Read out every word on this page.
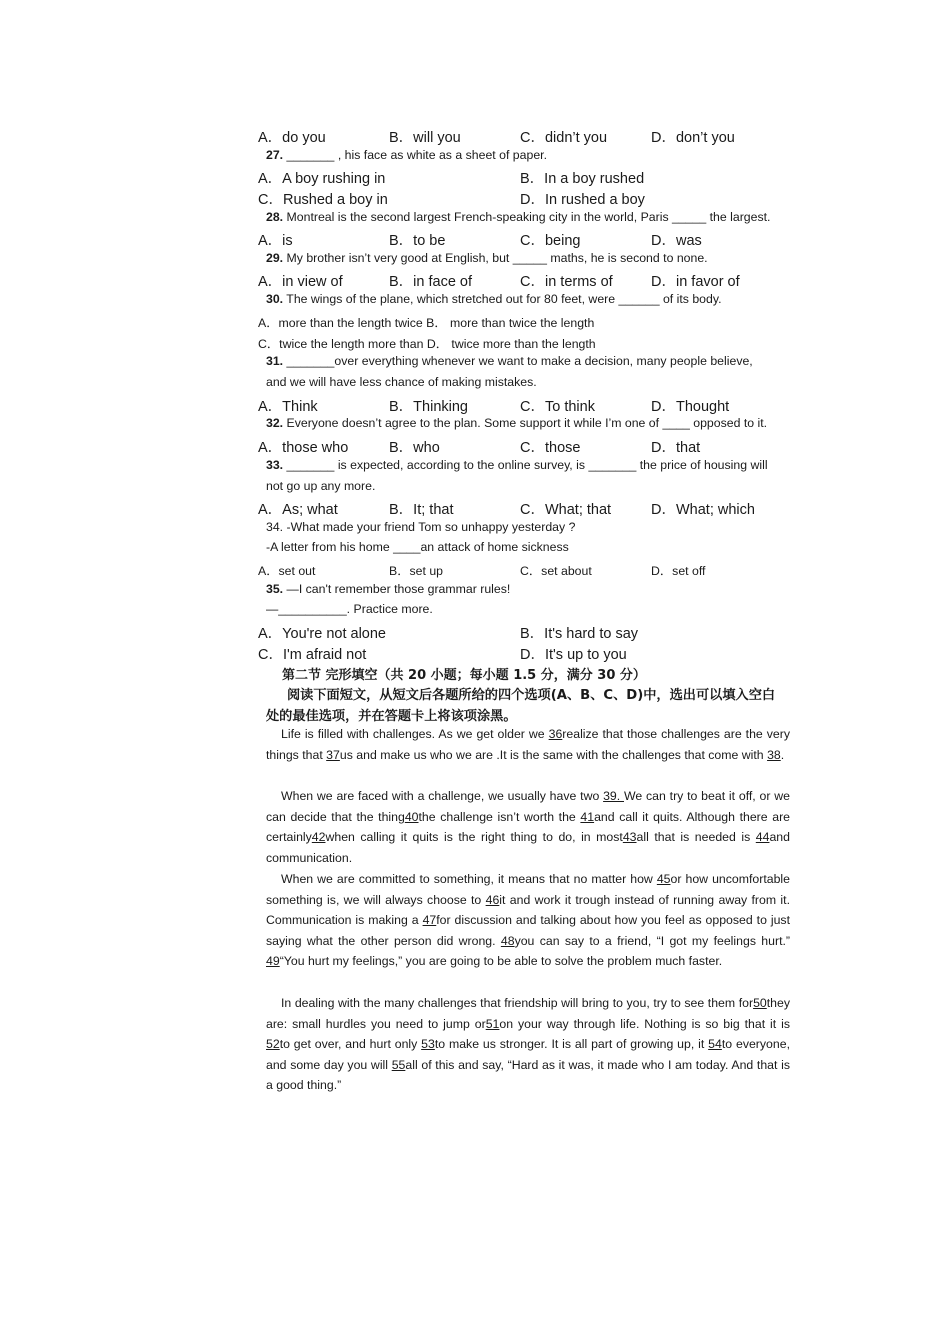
A．do you	B．will you	C．didn’t you	D．don’t you
27. _______ , his face as white as a sheet of paper.
A．A boy rushing in	B．In a boy rushed
C．Rushed a boy in	D．In rushed a boy
28. Montreal is the second largest French-speaking city in the world, Paris _____ the largest.
A．is	B．to be	C．being	D．was
29. My brother isn’t very good at English, but _____ maths, he is second to none.
A．in view of	B．in face of	C．in terms of	D．in favor of
30. The wings of the plane, which stretched out for 80 feet, were ______ of its body.
A．more than the length twice B． more than twice the length
C．twice the length more than D． twice more than the length
31. _______over everything whenever we want to make a decision, many people believe,
and we will have less chance of making mistakes.
A．Think	B．Thinking	C．To think	D．Thought
32. Everyone doesn’t agree to the plan. Some support it while I’m one of ____ opposed to it.
A．those who	B．who	C．those	D．that
33. _______ is expected, according to the online survey, is _______ the price of housing will
not go up any more.
A．As; what	B．It; that	C．What; that	D．What; which
34. -What made your friend Tom so unhappy yesterday ?
-A letter from his home ____an attack of home sickness
A．set out	B．set up	C．set about	D．set off
35. —I can't remember those grammar rules!
—__________. Practice more.
A．You're not alone	B．It's hard to say
C．I'm afraid not	D．It's up to you
第二节 完形填空（共 20 小题；每小题 1.5 分，满分 30 分）
阅读下面短文，从短文后各题所给的四个选项(A、B、C、D)中，选出可以填入空白
处的最佳选项，并在答题卡上将该项涂黑。
Life is filled with challenges. As we get older we 36realize that those challenges are the very things that 37us and make us who we are .It is the same with the challenges that come with 38.
When we are faced with a challenge, we usually have two 39. We can try to beat it off, or we can decide that the thing40the challenge isn’t worth the 41and call it quits. Although there are certainly42when calling it quits is the right thing to do, in most43all that is needed is 44and communication.
When we are committed to something, it means that no matter how 45or how uncomfortable something is, we will always choose to 46it and work it trough instead of running away from it. Communication is making a 47for discussion and talking about how you feel as opposed to just saying what the other person did wrong. 48you can say to a friend, “I got my feelings hurt.” 49“You hurt my feelings,” you are going to be able to solve the problem much faster.
In dealing with the many challenges that friendship will bring to you, try to see them for50they are: small hurdles you need to jump or51on your way through life. Nothing is so big that it is 52to get over, and hurt only 53to make us stronger. It is all part of growing up, it 54to everyone, and some day you will 55all of this and say, “Hard as it was, it made who I am today. And that is a good thing.”
